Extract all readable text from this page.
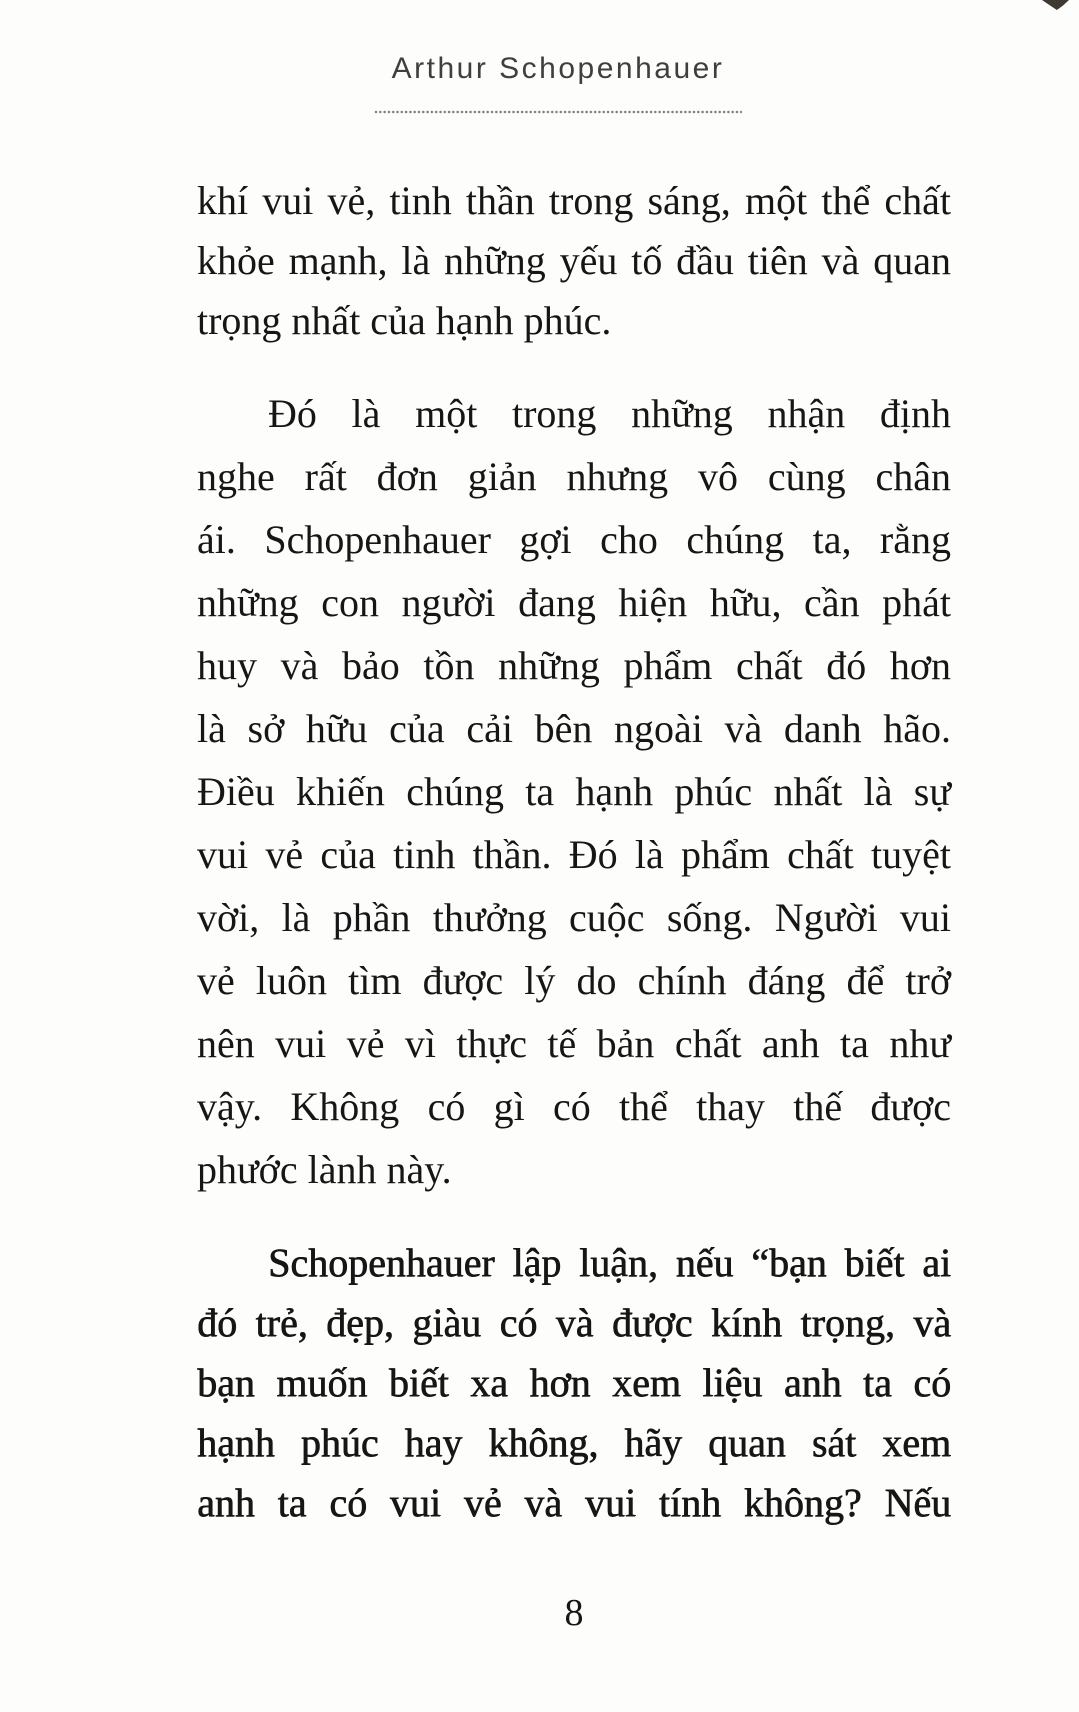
Arthur Schopenhauer

khí vui vẻ, tinh thần trong sáng, một thể chất
khỏe mạnh, là những yếu tố đầu tiên và quan
trọng nhất của hạnh phúc.

Đó là một trong những nhận định
nghe rất đơn giản nhưng vô cùng chân
ái. Schopenhauer gợi cho chúng ta, rằng
những con người đang hiện hữu, cần phát
huy và bảo tồn những phẩm chất đó hơn
là sở hữu của cải bên ngoài và danh hão.
Điều khiến chúng ta hạnh phúc nhất là sự
vui vẻ của tinh thần. Đó là phẩm chất tuyệt
vời, là phần thưởng cuộc sống. Người vui
vẻ luôn tìm được lý do chính đáng để trở
nên vui vẻ vì thực tế bản chất anh ta như
vậy. Không có gì có thể thay thế được
phước lành này.

Schopenhauer lập luận, nếu “bạn biết ai
đó trẻ, đẹp, giàu có và được kính trọng, và
bạn muốn biết xa hơn xem liệu anh ta có
hạnh phúc hay không, hãy quan sát xem
anh ta có vui vẻ và vui tính không? Nếu

8
